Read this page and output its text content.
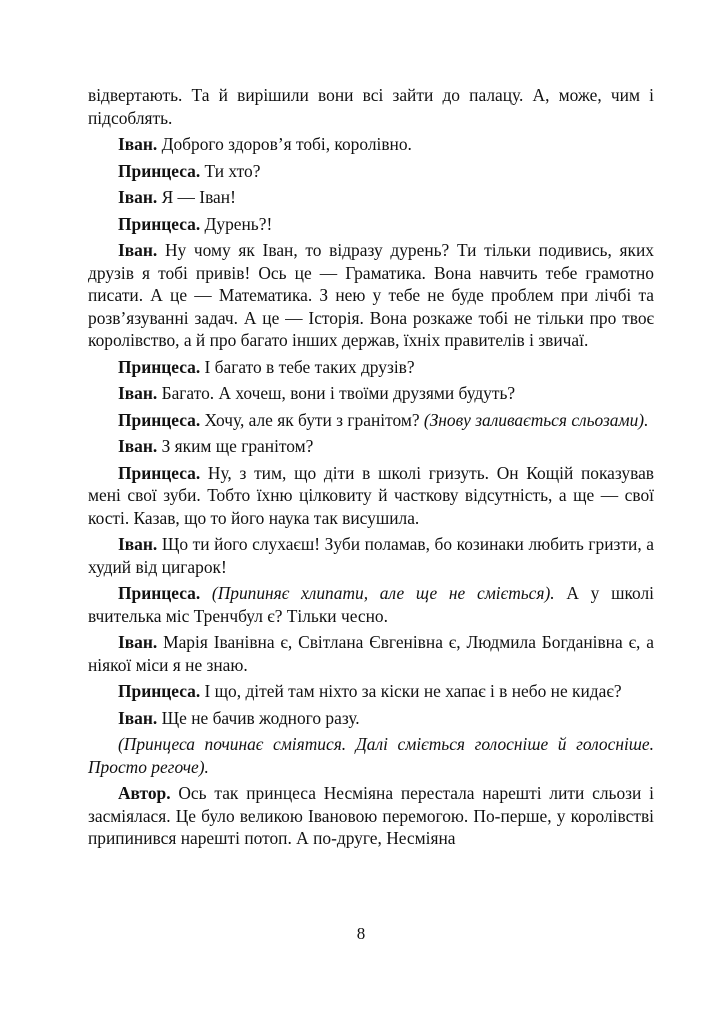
відвертають. Та й вирішили вони всі зайти до палацу. А, може, чим і підсоблять.

Іван. Доброго здоров’я тобі, королівно.

Принцеса. Ти хто?

Іван. Я — Іван!

Принцеса. Дурень?!

Іван. Ну чому як Іван, то відразу дурень? Ти тільки подивись, яких друзів я тобі привів! Ось це — Граматика. Вона навчить тебе грамотно писати. А це — Математика. З нею у тебе не буде проблем при лічбі та розв’язуванні задач. А це — Історія. Вона розкаже тобі не тільки про твоє королівство, а й про багато інших держав, їхніх правителів і звичаї.

Принцеса. І багато в тебе таких друзів?

Іван. Багато. А хочеш, вони і твоїми друзями будуть?

Принцеса. Хочу, але як бути з гранітом? (Знову заливається сльозами).

Іван. З яким ще гранітом?

Принцеса. Ну, з тим, що діти в школі гризуть. Он Кощій показував мені свої зуби. Тобто їхню цілковиту й часткову відсутність, а ще — свої кості. Казав, що то його наука так висушила.

Іван. Що ти його слухаєш! Зуби поламав, бо козинаки любить гризти, а худий від цигарок!

Принцеса. (Припиняє хлипати, але ще не сміється). А у школі вчителька міс Тренчбул є? Тільки чесно.

Іван. Марія Іванівна є, Світлана Євгенівна є, Людмила Богданівна є, а ніякої міси я не знаю.

Принцеса. І що, дітей там ніхто за кіски не хапає і в небо не кидає?

Іван. Ще не бачив жодного разу.

(Принцеса починає сміятися. Далі сміється голосніше й голосніше. Просто регоче).

Автор. Ось так принцеса Несміяна перестала нарешті лити сльози і засміялася. Це було великою Івановою перемогою. По-перше, у королівстві припинився нарешті потоп. А по-друге, Несміяна

8
